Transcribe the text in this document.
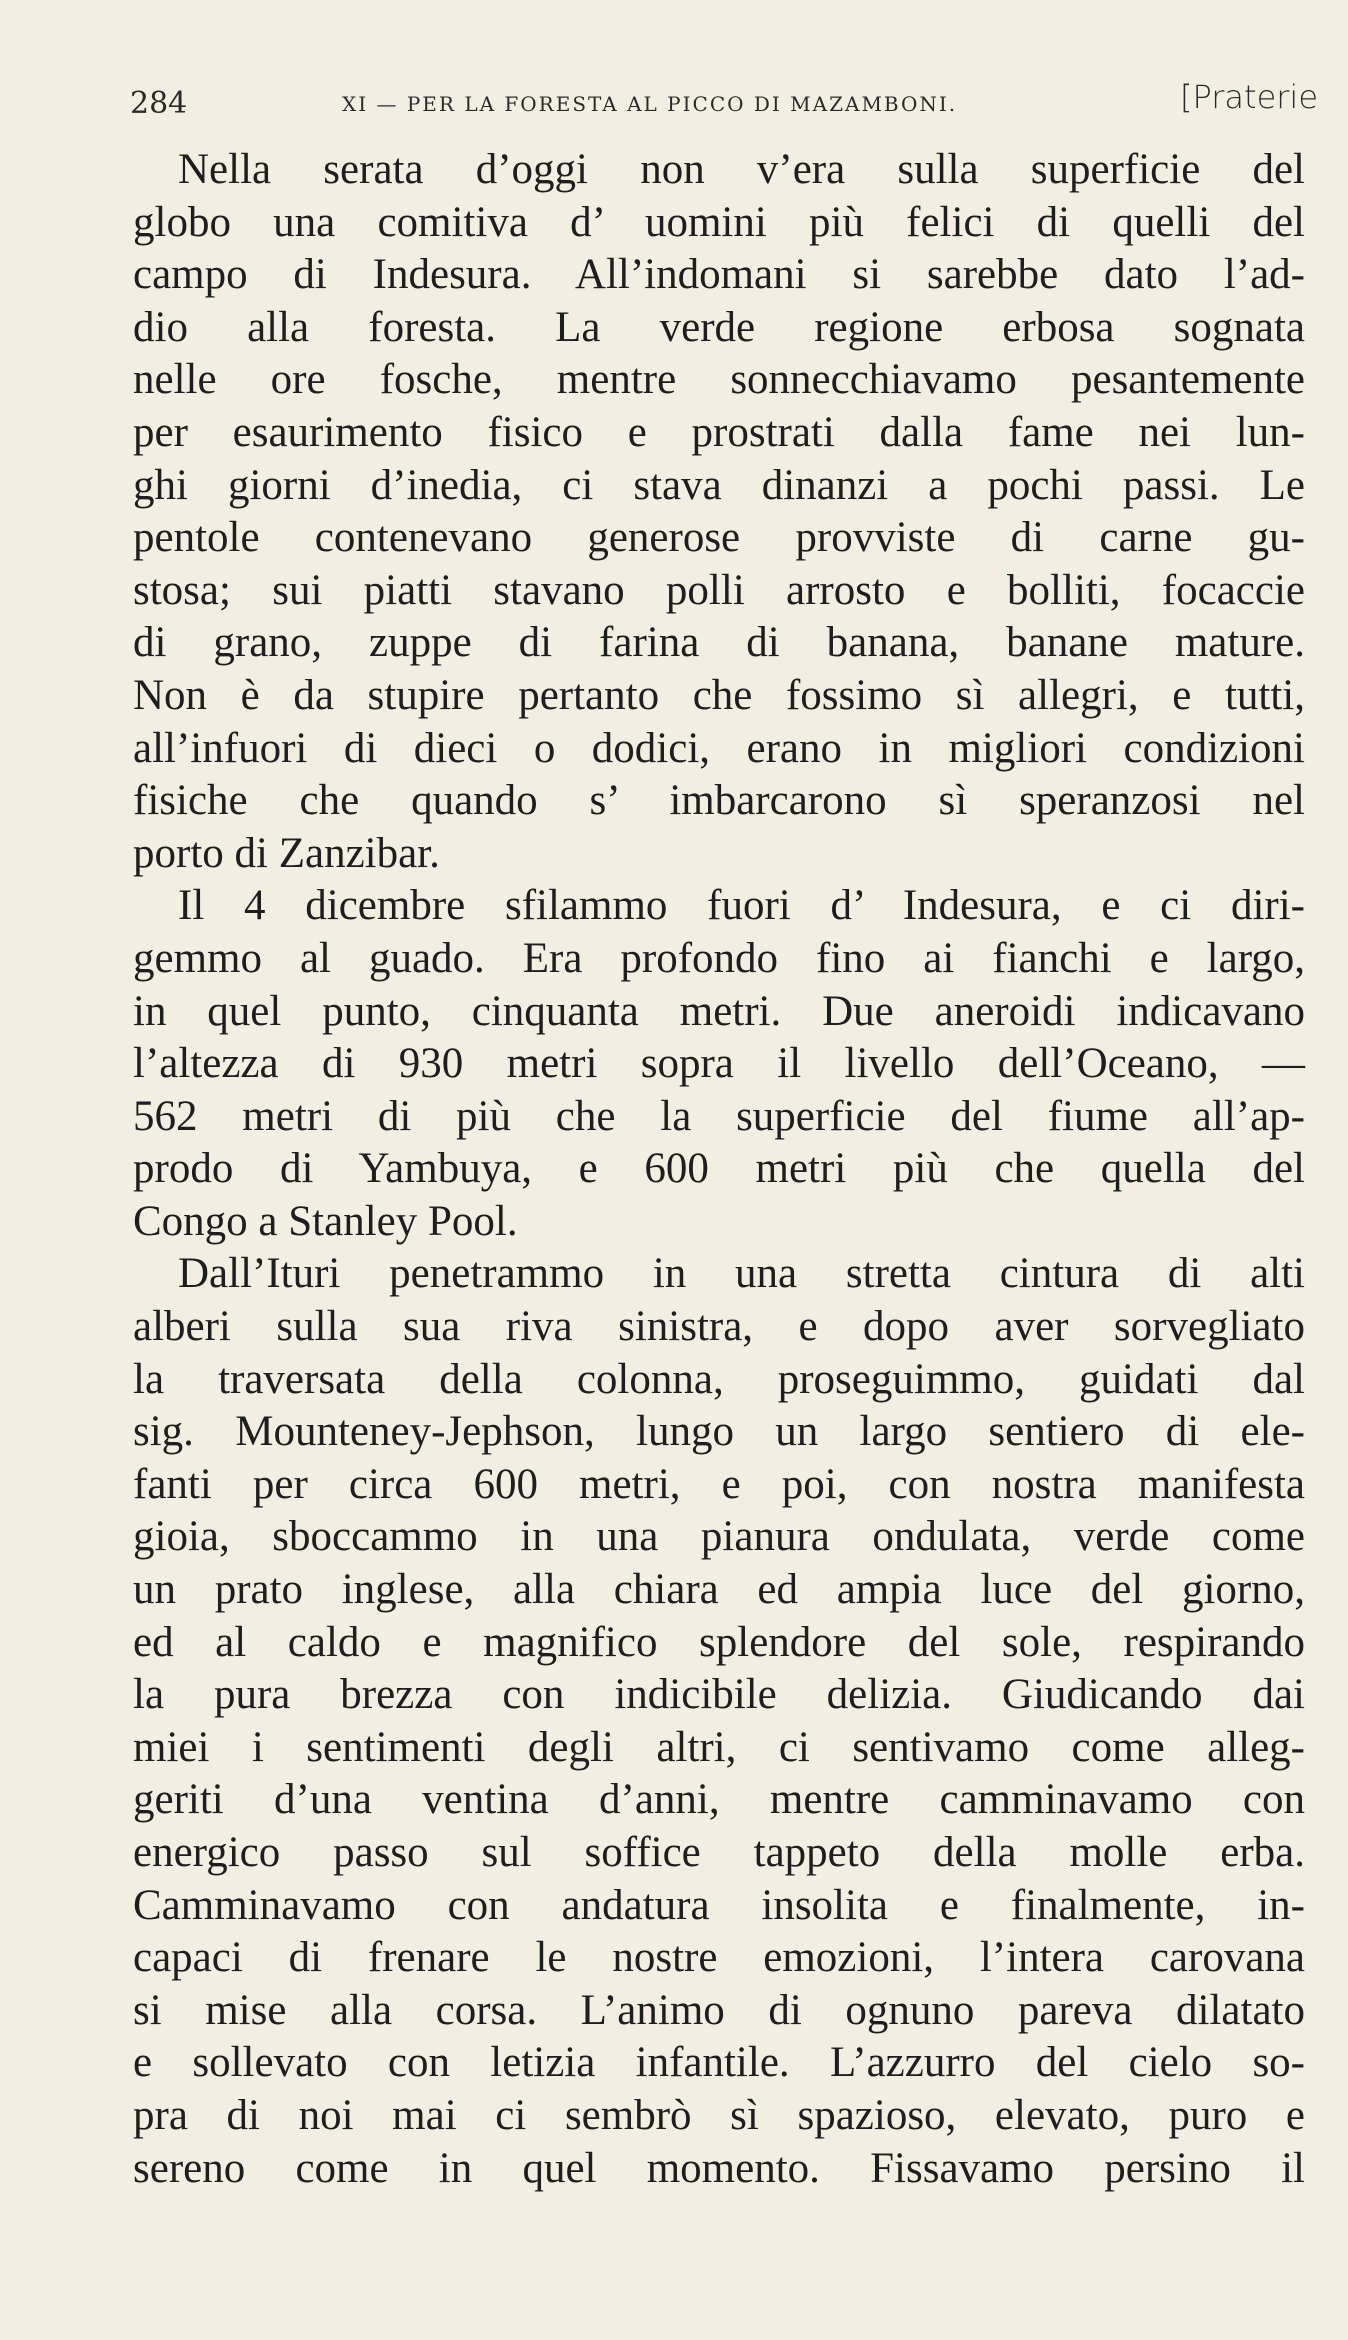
284	XI — PER LA FORESTA AL PICCO DI MAZAMBONI.	[Praterie
Nella serata d’oggi non v’era sulla superficie del
globo una comitiva d’ uomini più felici di quelli del
campo di Indesura. All’indomani si sarebbe dato l’ad-
dio alla foresta. La verde regione erbosa sognata
nelle ore fosche, mentre sonnecchiavamo pesantemente
per esaurimento fisico e prostrati dalla fame nei lun-
ghi giorni d’inedia, ci stava dinanzi a pochi passi. Le
pentole contenevano generose provviste di carne gu-
stosa; sui piatti stavano polli arrosto e bolliti, focaccie
di grano, zuppe di farina di banana, banane mature.
Non è da stupire pertanto che fossimo sì allegri, e tutti,
all’infuori di dieci o dodici, erano in migliori condizioni
fisiche che quando s’ imbarcarono sì speranzosi nel
porto di Zanzibar.
Il 4 dicembre sfilammo fuori d’ Indesura, e ci diri-
gemmo al guado. Era profondo fino ai fianchi e largo,
in quel punto, cinquanta metri. Due aneroidi indicavano
l’altezza di 930 metri sopra il livello dell’Oceano, —
562 metri di più che la superficie del fiume all’ap-
prodo di Yambuya, e 600 metri più che quella del
Congo a Stanley Pool.
Dall’Ituri penetrammo in una stretta cintura di alti
alberi sulla sua riva sinistra, e dopo aver sorvegliato
la traversata della colonna, proseguimmo, guidati dal
sig. Mounteney-Jephson, lungo un largo sentiero di ele-
fanti per circa 600 metri, e poi, con nostra manifesta
gioia, sboccammo in una pianura ondulata, verde come
un prato inglese, alla chiara ed ampia luce del giorno,
ed al caldo e magnifico splendore del sole, respirando
la pura brezza con indicibile delizia. Giudicando dai
miei i sentimenti degli altri, ci sentivamo come alleg-
geriti d’una ventina d’anni, mentre camminavamo con
energico passo sul soffice tappeto della molle erba.
Camminavamo con andatura insolita e finalmente, in-
capaci di frenare le nostre emozioni, l’intera carovana
si mise alla corsa. L’animo di ognuno pareva dilatato
e sollevato con letizia infantile. L’azzurro del cielo so-
pra di noi mai ci sembrò sì spazioso, elevato, puro e
sereno come in quel momento. Fissavamo persino il
